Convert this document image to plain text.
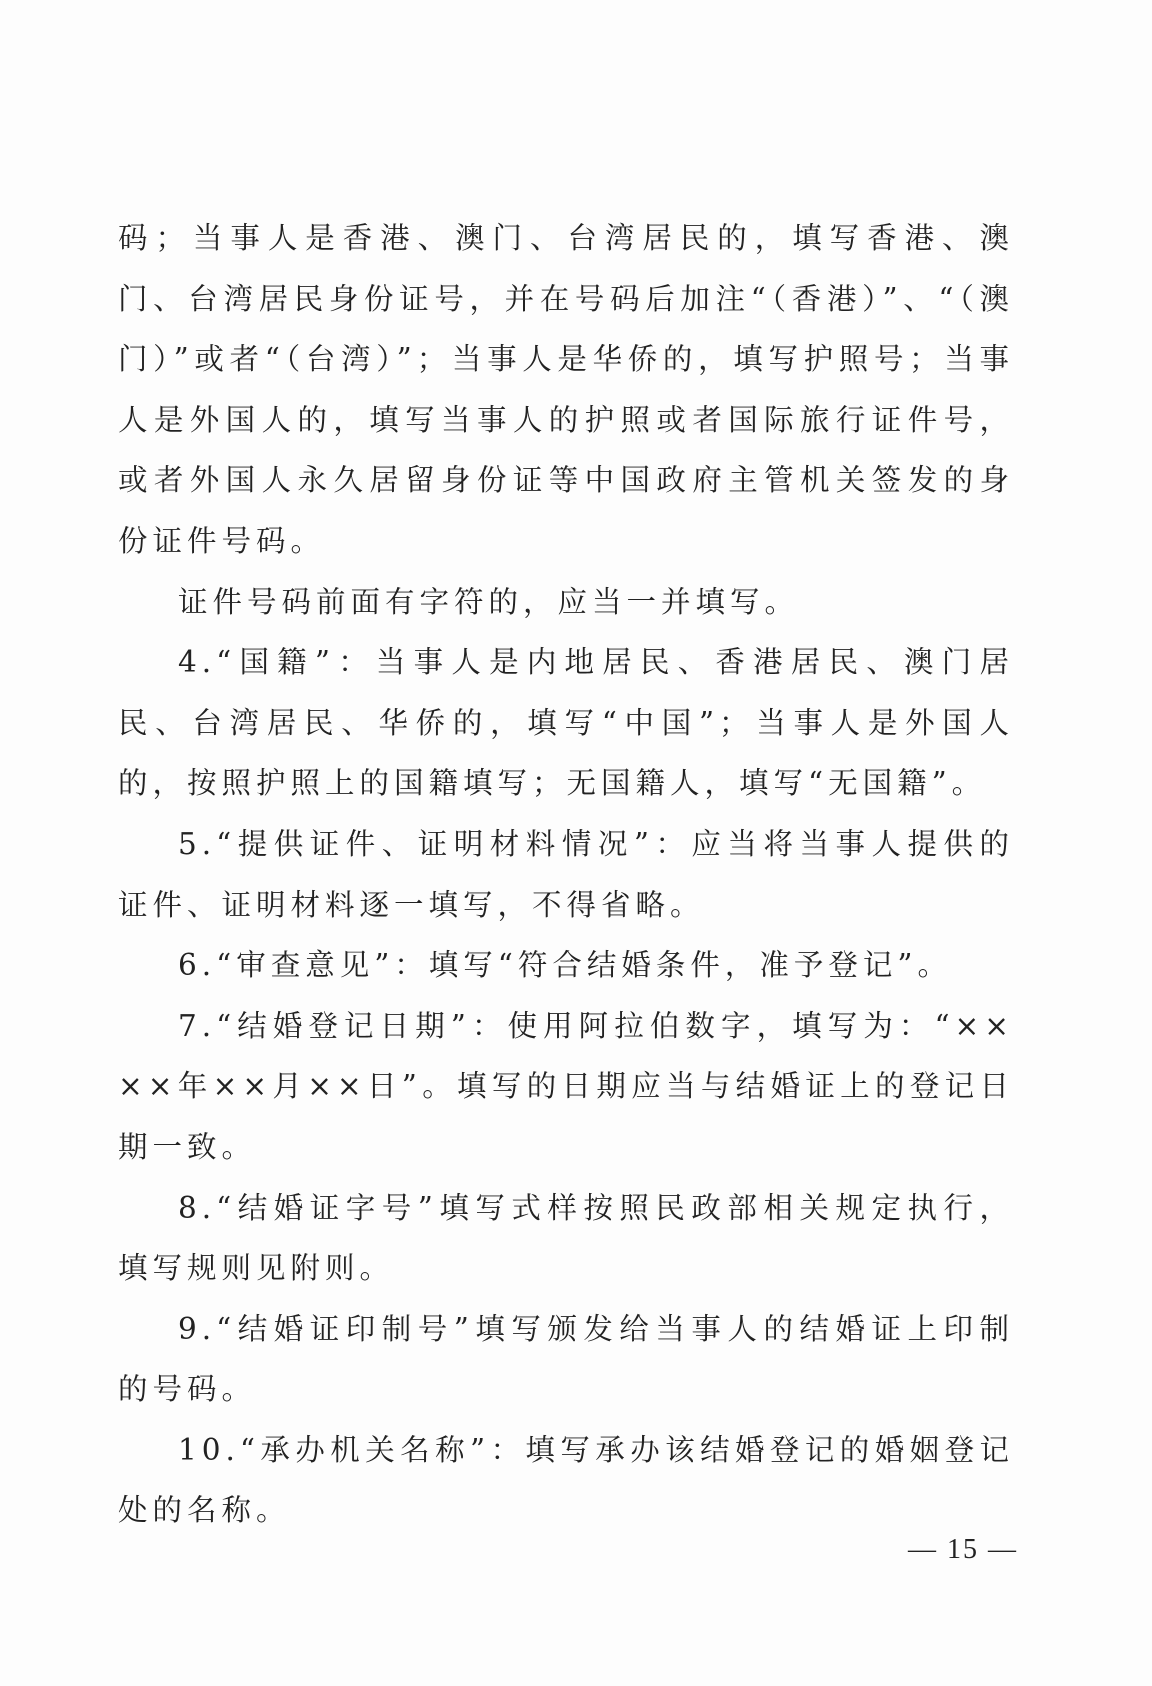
码；当事人是香港、澳门、台湾居民的，填写香港、澳门、台湾居民身份证号，并在号码后加注“（香港）”、“（澳门）”或者“（台湾）”；当事人是华侨的，填写护照号；当事人是外国人的，填写当事人的护照或者国际旅行证件号，或者外国人永久居留身份证等中国政府主管机关签发的身份证件号码。

证件号码前面有字符的，应当一并填写。

4.“国籍”：当事人是内地居民、香港居民、澳门居民、台湾居民、华侨的，填写“中国”；当事人是外国人的，按照护照上的国籍填写；无国籍人，填写“无国籍”。

5.“提供证件、证明材料情况”：应当将当事人提供的证件、证明材料逐一填写，不得省略。

6.“审查意见”：填写“符合结婚条件，准予登记”。

7.“结婚登记日期”：使用阿拉伯数字，填写为：“××××年××月××日”。填写的日期应当与结婚证上的登记日期一致。

8.“结婚证字号”填写式样按照民政部相关规定执行，填写规则见附则。

9.“结婚证印制号”填写颁发给当事人的结婚证上印制的号码。

10.“承办机关名称”：填写承办该结婚登记的婚姻登记处的名称。

— 15 —
